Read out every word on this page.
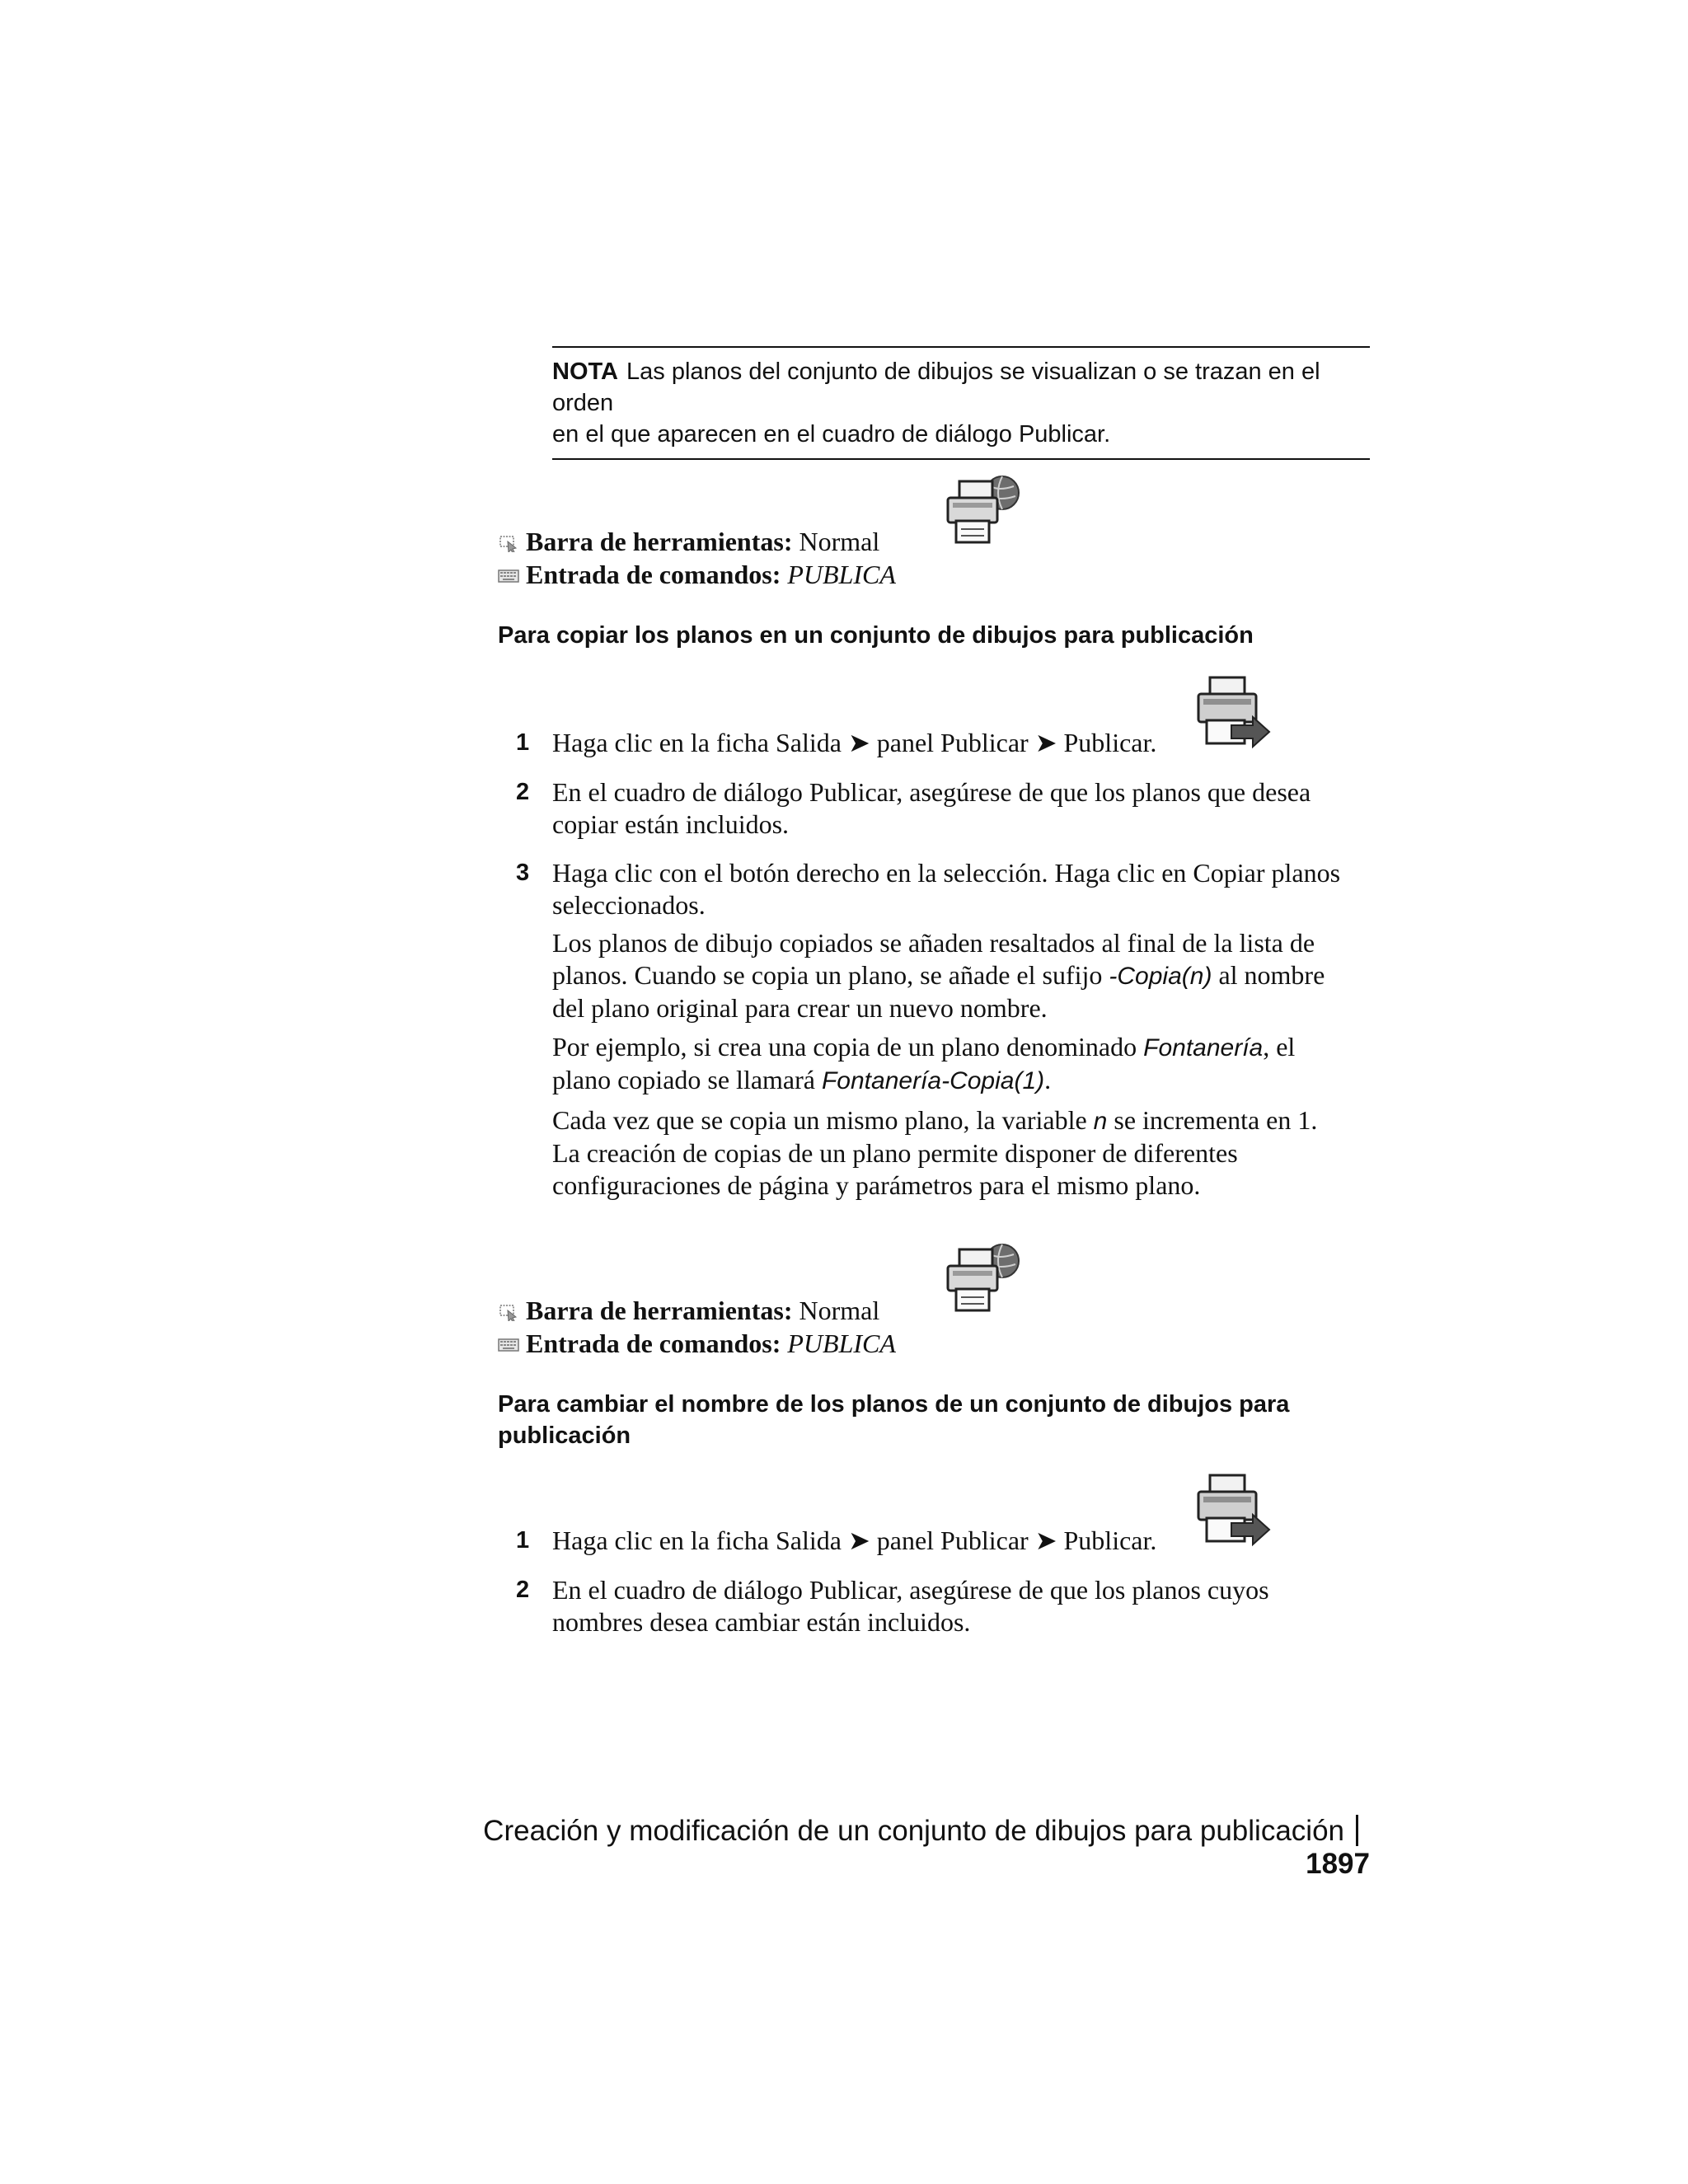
NOTA Las planos del conjunto de dibujos se visualizan o se trazan en el orden
en el que aparecen en el cuadro de diálogo Publicar.
Barra de herramientas: Normal
Entrada de comandos: PUBLICA
Para copiar los planos en un conjunto de dibujos para publicación
1 Haga clic en la ficha Salida ➤ panel Publicar ➤ Publicar.
2 En el cuadro de diálogo Publicar, asegúrese de que los planos que desea
copiar están incluidos.
3 Haga clic con el botón derecho en la selección. Haga clic en Copiar planos
seleccionados.
Los planos de dibujo copiados se añaden resaltados al final de la lista de
planos. Cuando se copia un plano, se añade el sufijo -Copia(n) al nombre
del plano original para crear un nuevo nombre.
Por ejemplo, si crea una copia de un plano denominado Fontanería, el
plano copiado se llamará Fontanería-Copia(1).
Cada vez que se copia un mismo plano, la variable n se incrementa en 1.
La creación de copias de un plano permite disponer de diferentes
configuraciones de página y parámetros para el mismo plano.
Barra de herramientas: Normal
Entrada de comandos: PUBLICA
Para cambiar el nombre de los planos de un conjunto de dibujos para
publicación
1 Haga clic en la ficha Salida ➤ panel Publicar ➤ Publicar.
2 En el cuadro de diálogo Publicar, asegúrese de que los planos cuyos
nombres desea cambiar están incluidos.
Creación y modificación de un conjunto de dibujos para publicación1897
